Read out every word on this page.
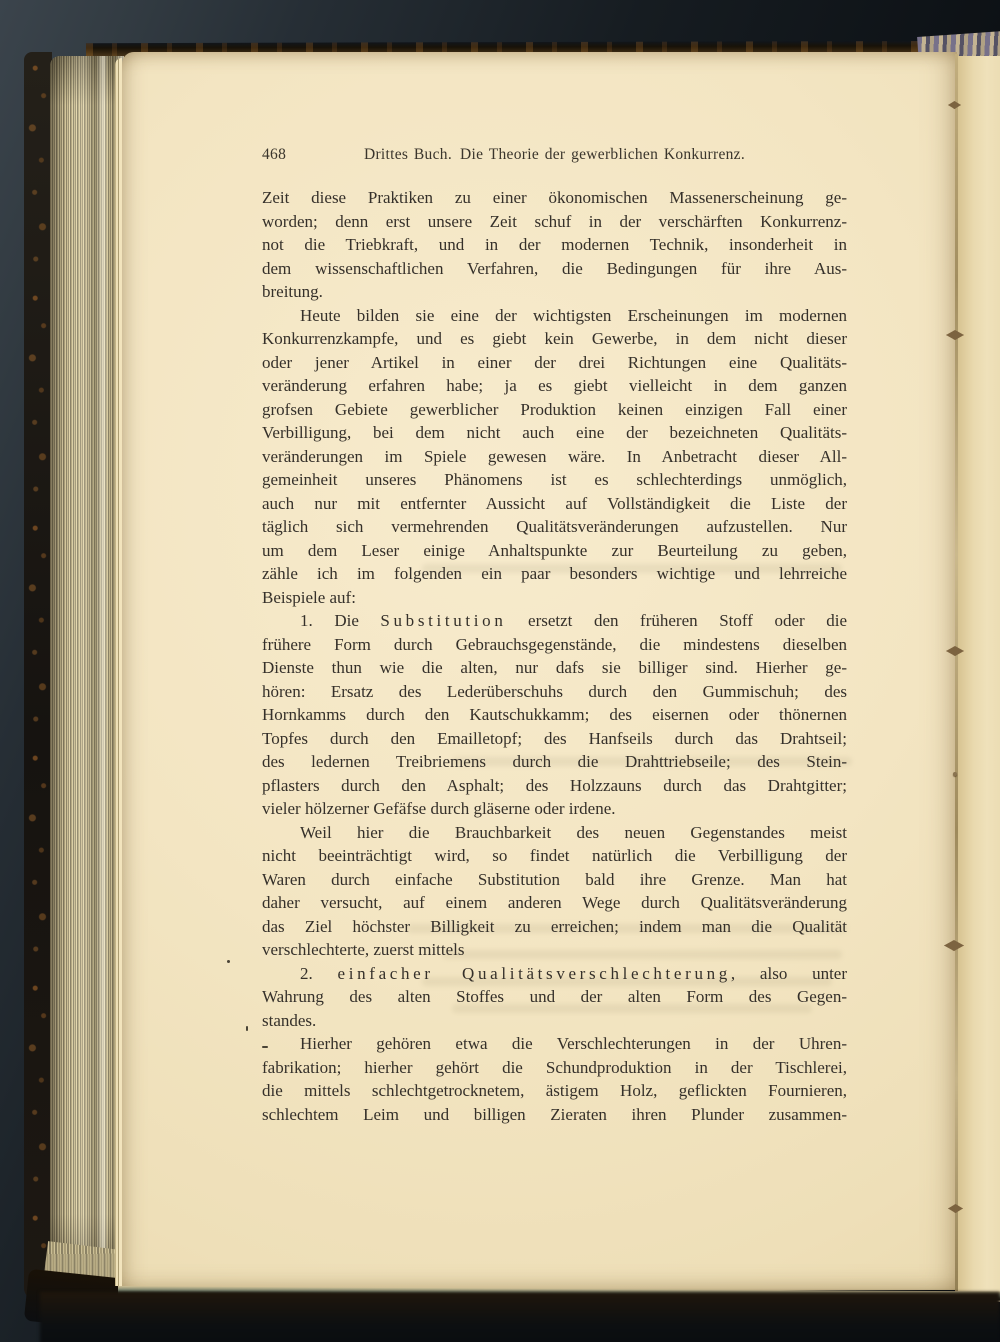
468	Drittes Buch. Die Theorie der gewerblichen Konkurrenz.
Zeit diese Praktiken zu einer ökonomischen Massenerscheinung ge-
worden; denn erst unsere Zeit schuf in der verschärften Konkurrenz-
not die Triebkraft, und in der modernen Technik, insonderheit in
dem wissenschaftlichen Verfahren, die Bedingungen für ihre Aus-
breitung.
Heute bilden sie eine der wichtigsten Erscheinungen im modernen
Konkurrenzkampfe, und es giebt kein Gewerbe, in dem nicht dieser
oder jener Artikel in einer der drei Richtungen eine Qualitäts-
veränderung erfahren habe; ja es giebt vielleicht in dem ganzen
grofsen Gebiete gewerblicher Produktion keinen einzigen Fall einer
Verbilligung, bei dem nicht auch eine der bezeichneten Qualitäts-
veränderungen im Spiele gewesen wäre. In Anbetracht dieser All-
gemeinheit unseres Phänomens ist es schlechterdings unmöglich,
auch nur mit entfernter Aussicht auf Vollständigkeit die Liste der
täglich sich vermehrenden Qualitätsveränderungen aufzustellen. Nur
um dem Leser einige Anhaltspunkte zur Beurteilung zu geben,
zähle ich im folgenden ein paar besonders wichtige und lehrreiche
Beispiele auf:
1. Die Substitution ersetzt den früheren Stoff oder die
frühere Form durch Gebrauchsgegenstände, die mindestens dieselben
Dienste thun wie die alten, nur dafs sie billiger sind. Hierher ge-
hören: Ersatz des Lederüberschuhs durch den Gummischuh; des
Hornkamms durch den Kautschukkamm; des eisernen oder thönernen
Topfes durch den Emailletopf; des Hanfseils durch das Drahtseil;
des ledernen Treibriemens durch die Drahttriebseile; des Stein-
pflasters durch den Asphalt; des Holzzauns durch das Drahtgitter;
vieler hölzerner Gefäfse durch gläserne oder irdene.
Weil hier die Brauchbarkeit des neuen Gegenstandes meist
nicht beeinträchtigt wird, so findet natürlich die Verbilligung der
Waren durch einfache Substitution bald ihre Grenze. Man hat
daher versucht, auf einem anderen Wege durch Qualitätsveränderung
das Ziel höchster Billigkeit zu erreichen; indem man die Qualität
verschlechterte, zuerst mittels
2. einfacher Qualitätsverschlechterung, also unter
Wahrung des alten Stoffes und der alten Form des Gegen-
standes.
Hierher gehören etwa die Verschlechterungen in der Uhren-
fabrikation; hierher gehört die Schundproduktion in der Tischlerei,
die mittels schlechtgetrocknetem, ästigem Holz, geflickten Fournieren,
schlechtem Leim und billigen Zieraten ihren Plunder zusammen-
